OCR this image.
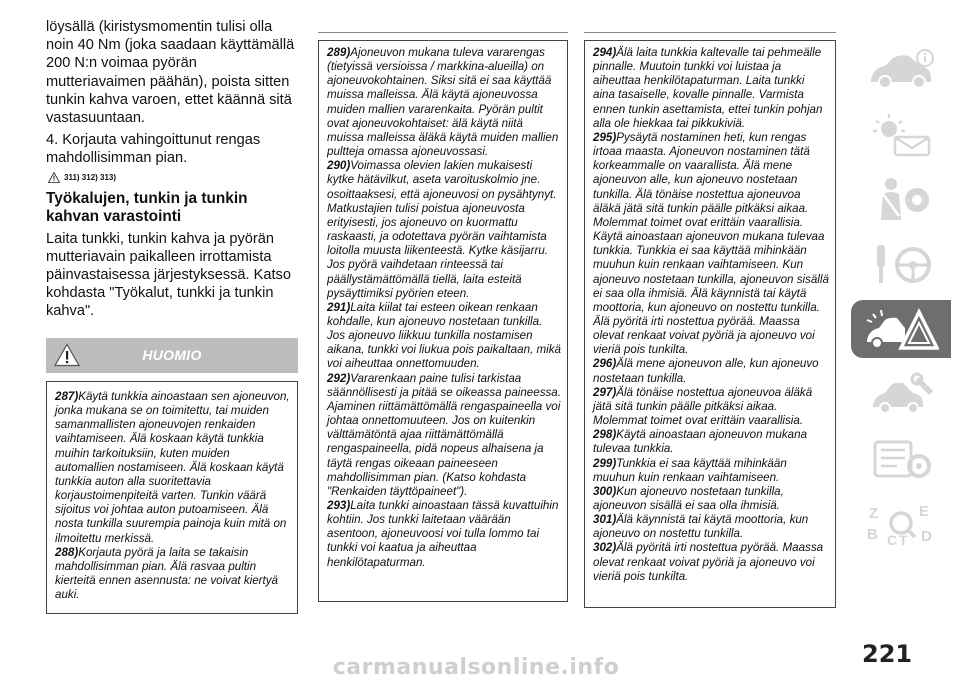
löysällä (kiristysmomentin tulisi olla noin 40 Nm (joka saadaan käyttämällä 200 N:n voimaa pyörän mutteriavaimen päähän), poista sitten tunkin kahva varoen, ettet käännä sitä vastasuuntaan.

4. Korjauta vahingoittunut rengas mahdollisimman pian.

311) 312) 313)
Työkalujen, tunkin ja tunkin kahvan varastointi

Laita tunkki, tunkin kahva ja pyörän mutteriavain paikalleen irrottamista päinvastaisessa järjestyksessä. Katso kohdasta "Työkalut, tunkki ja tunkin kahva".

HUOMIO

287)Käytä tunkkia ainoastaan sen ajoneuvon, jonka mukana se on toimitettu, tai muiden samanmallisten ajoneuvojen renkaiden vaihtamiseen. Älä koskaan käytä tunkkia muihin tarkoituksiin, kuten muiden automallien nostamiseen. Älä koskaan käytä tunkkia auton alla suoritettavia korjaustoimenpiteitä varten. Tunkin väärä sijoitus voi johtaa auton putoamiseen. Älä nosta tunkilla suurempia painoja kuin mitä on ilmoitettu merkissä.

288)Korjauta pyörä ja laita se takaisin mahdollisimman pian. Älä rasvaa pultin kierteitä ennen asennusta: ne voivat kiertyä auki.

289)Ajoneuvon mukana tuleva vararengas (tietyissä versioissa / markkina-alueilla) on ajoneuvokohtainen. Siksi sitä ei saa käyttää muissa malleissa. Älä käytä ajoneuvossa muiden mallien vararenkaita. Pyörän pultit ovat ajoneuvokohtaiset: älä käytä niitä muissa malleissa äläkä käytä muiden mallien pultteja omassa ajoneuvossasi.

290)Voimassa olevien lakien mukaisesti kytke hätävilkut, aseta varoituskolmio jne. osoittaaksesi, että ajoneuvosi on pysähtynyt. Matkustajien tulisi poistua ajoneuvosta erityisesti, jos ajoneuvo on kuormattu raskaasti, ja odotettava pyörän vaihtamista loitolla muusta liikenteestä. Kytke käsijarru. Jos pyörä vaihdetaan rinteessä tai päällystämättömällä tiellä, laita esteitä pysäyttimiksi pyörien eteen.

291)Laita kiilat tai esteen oikean renkaan kohdalle, kun ajoneuvo nostetaan tunkilla. Jos ajoneuvo liikkuu tunkilla nostamisen aikana, tunkki voi liukua pois paikaltaan, mikä voi aiheuttaa onnettomuuden.

292)Vararenkaan paine tulisi tarkistaa säännöllisesti ja pitää se oikeassa paineessa. Ajaminen riittämättömällä rengaspaineella voi johtaa onnettomuuteen. Jos on kuitenkin välttämätöntä ajaa riittämättömällä rengaspaineella, pidä nopeus alhaisena ja täytä rengas oikeaan paineeseen mahdollisimman pian. (Katso kohdasta "Renkaiden täyttöpaineet").

293)Laita tunkki ainoastaan tässä kuvattuihin kohtiin. Jos tunkki laitetaan väärään asentoon, ajoneuvoosi voi tulla lommo tai tunkki voi kaatua ja aiheuttaa henkilötapaturman.

294)Älä laita tunkkia kaltevalle tai pehmeälle pinnalle. Muutoin tunkki voi luistaa ja aiheuttaa henkilötapaturman. Laita tunkki aina tasaiselle, kovalle pinnalle. Varmista ennen tunkin asettamista, ettei tunkin pohjan alla ole hiekkaa tai pikkukiviä.

295)Pysäytä nostaminen heti, kun rengas irtoaa maasta. Ajoneuvon nostaminen tätä korkeammalle on vaarallista. Älä mene ajoneuvon alle, kun ajoneuvo nostetaan tunkilla. Älä tönäise nostettua ajoneuvoa äläkä jätä sitä tunkin päälle pitkäksi aikaa. Molemmat toimet ovat erittäin vaarallisia. Käytä ainoastaan ajoneuvon mukana tulevaa tunkkia. Tunkkia ei saa käyttää mihinkään muuhun kuin renkaan vaihtamiseen. Kun ajoneuvo nostetaan tunkilla, ajoneuvon sisällä ei saa olla ihmisiä. Älä käynnistä tai käytä moottoria, kun ajoneuvo on nostettu tunkilla. Älä pyöritä irti nostettua pyörää. Maassa olevat renkaat voivat pyöriä ja ajoneuvo voi vieriä pois tunkilta.

296)Älä mene ajoneuvon alle, kun ajoneuvo nostetaan tunkilla.

297)Älä tönäise nostettua ajoneuvoa äläkä jätä sitä tunkin päälle pitkäksi aikaa. Molemmat toimet ovat erittäin vaarallisia.

298)Käytä ainoastaan ajoneuvon mukana tulevaa tunkkia.

299)Tunkkia ei saa käyttää mihinkään muuhun kuin renkaan vaihtamiseen.

300)Kun ajoneuvo nostetaan tunkilla, ajoneuvon sisällä ei saa olla ihmisiä.

301)Älä käynnistä tai käytä moottoria, kun ajoneuvo on nostettu tunkilla.

302)Älä pyöritä irti nostettua pyörää. Maassa olevat renkaat voivat pyöriä ja ajoneuvo voi vieriä pois tunkilta.

Z	E
B C T D
221
carmanualsonline.info
